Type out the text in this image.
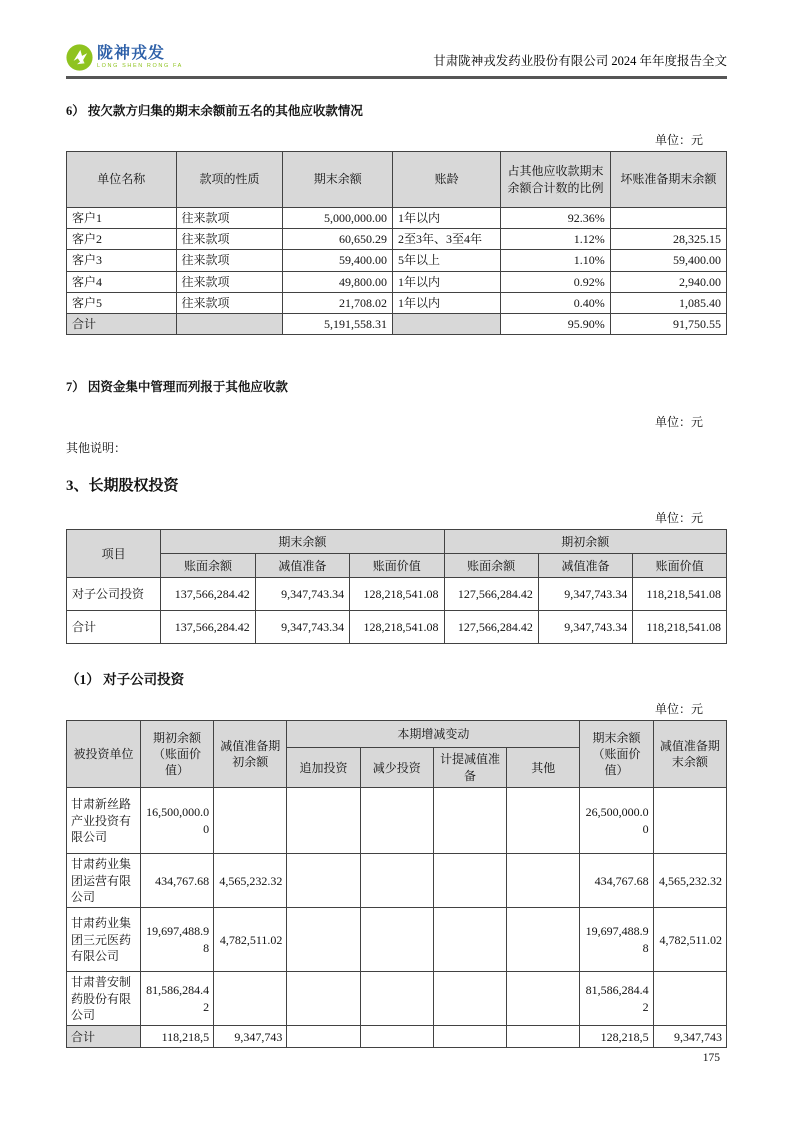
陇神戎发
LONG SHEN RONG FA	甘肃陇神戎发药业股份有限公司 2024 年年度报告全文
6） 按欠款方归集的期末余额前五名的其他应收款情况
单位：元
单位名称	款项的性质	期末余额	账龄	占其他应收款期末余额合计数的比例	坏账准备期末余额
客户1	往来款项	5,000,000.00	1年以内	92.36%	
客户2	往来款项	60,650.29	2至3年、3至4年	1.12%	28,325.15
客户3	往来款项	59,400.00	5年以上	1.10%	59,400.00
客户4	往来款项	49,800.00	1年以内	0.92%	2,940.00
客户5	往来款项	21,708.02	1年以内	0.40%	1,085.40
合计		5,191,558.31		95.90%	91,750.55
7） 因资金集中管理而列报于其他应收款
单位：元
其他说明：
3、长期股权投资
单位：元
项目	期末余额			期初余额		
	账面余额	减值准备	账面价值	账面余额	减值准备	账面价值
对子公司投资	137,566,284.42	9,347,743.34	128,218,541.08	127,566,284.42	9,347,743.34	118,218,541.08
合计	137,566,284.42	9,347,743.34	128,218,541.08	127,566,284.42	9,347,743.34	118,218,541.08
（1） 对子公司投资
单位：元
被投资单位	期初余额（账面价值）	减值准备期初余额	本期增减变动				期末余额（账面价值）	减值准备期末余额
			追加投资	减少投资	计提减值准备	其他		
甘肃新丝路产业投资有限公司	16,500,000.00						26,500,000.00	
甘肃药业集团运营有限公司	434,767.68	4,565,232.32					434,767.68	4,565,232.32
甘肃药业集团三元医药有限公司	19,697,488.98	4,782,511.02					19,697,488.98	4,782,511.02
甘肃普安制药股份有限公司	81,586,284.42						81,586,284.42	
合计	118,218,5	9,347,743					128,218,5	9,347,743
175
